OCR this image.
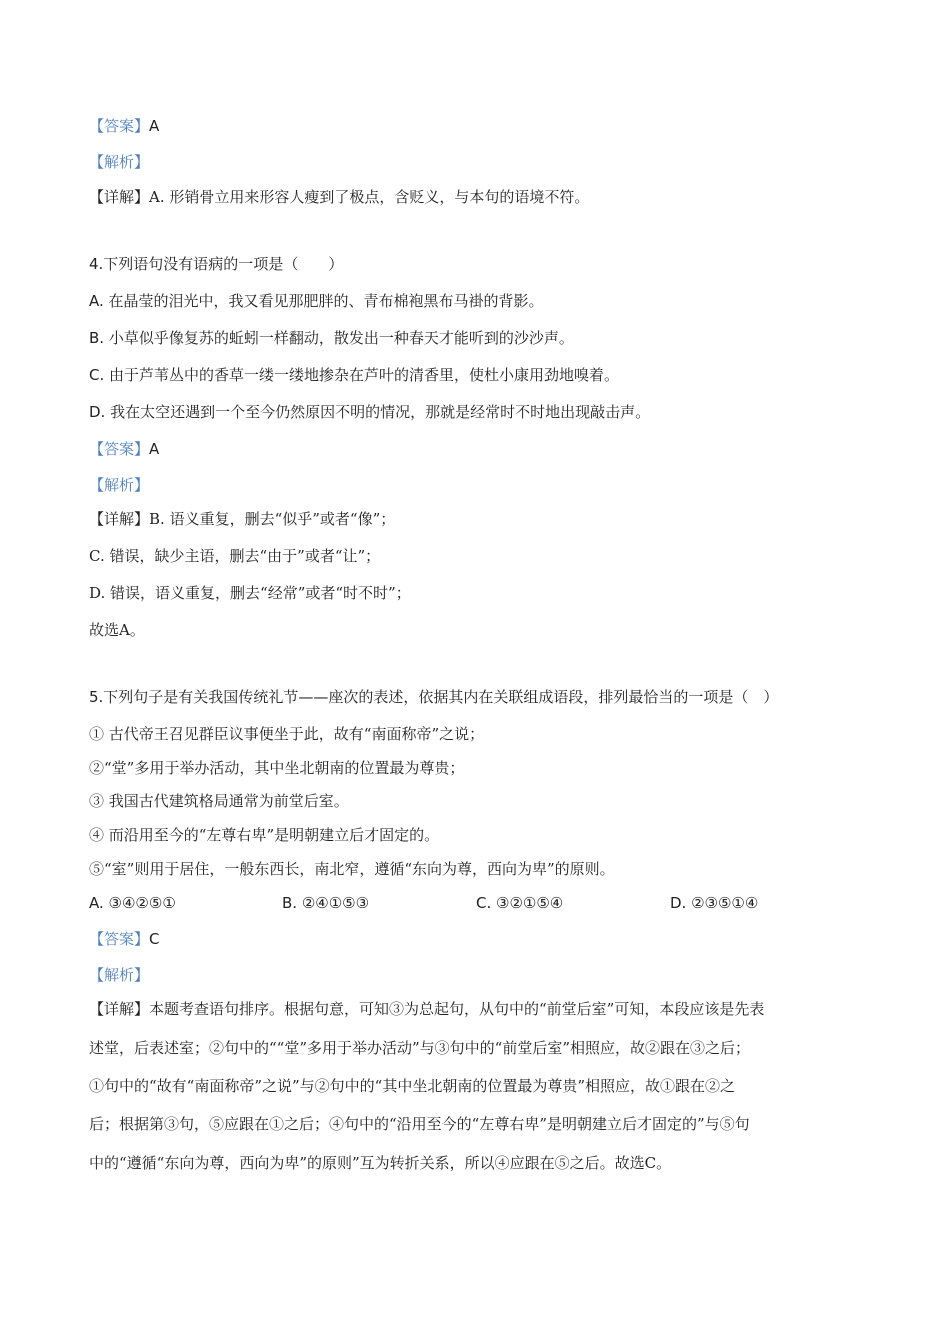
【答案】A
【解析】
【详解】A. 形销骨立用来形容人瘦到了极点，含贬义，与本句的语境不符。
4.下列语句没有语病的一项是（　　）
A. 在晶莹的泪光中，我又看见那肥胖的、青布棉袍黑布马褂的背影。
B. 小草似乎像复苏的蚯蚓一样翻动，散发出一种春天才能听到的沙沙声。
C. 由于芦苇丛中的香草一缕一缕地掺杂在芦叶的清香里，使杜小康用劲地嗅着。
D. 我在太空还遇到一个至今仍然原因不明的情况，那就是经常时不时地出现敲击声。
【答案】A
【解析】
【详解】B. 语义重复，删去“似乎”或者“像”；
C. 错误，缺少主语，删去“由于”或者“让”；
D. 错误，语义重复，删去“经常”或者“时不时”；
故选A。
5.下列句子是有关我国传统礼节——座次的表述，依据其内在关联组成语段，排列最恰当的一项是（　）
① 古代帝王召见群臣议事便坐于此，故有“南面称帝”之说；
②“堂”多用于举办活动，其中坐北朝南的位置最为尊贵；
③ 我国古代建筑格局通常为前堂后室。
④ 而沿用至今的“左尊右卑”是明朝建立后才固定的。
⑤“室”则用于居住，一般东西长，南北窄，遵循“东向为尊，西向为卑”的原则。
A. ③④②⑤①	B. ②④①⑤③	C. ③②①⑤④	D. ②③⑤①④
【答案】C
【解析】
【详解】本题考查语句排序。根据句意，可知③为总起句，从句中的“前堂后室”可知，本段应该是先表
述堂，后表述室；②句中的““堂”多用于举办活动”与③句中的“前堂后室”相照应，故②跟在③之后；
①句中的“故有“南面称帝”之说”与②句中的“其中坐北朝南的位置最为尊贵”相照应，故①跟在②之
后；根据第③句，⑤应跟在①之后；④句中的“沿用至今的“左尊右卑”是明朝建立后才固定的”与⑤句
中的“遵循“东向为尊，西向为卑”的原则”互为转折关系，所以④应跟在⑤之后。故选C。
